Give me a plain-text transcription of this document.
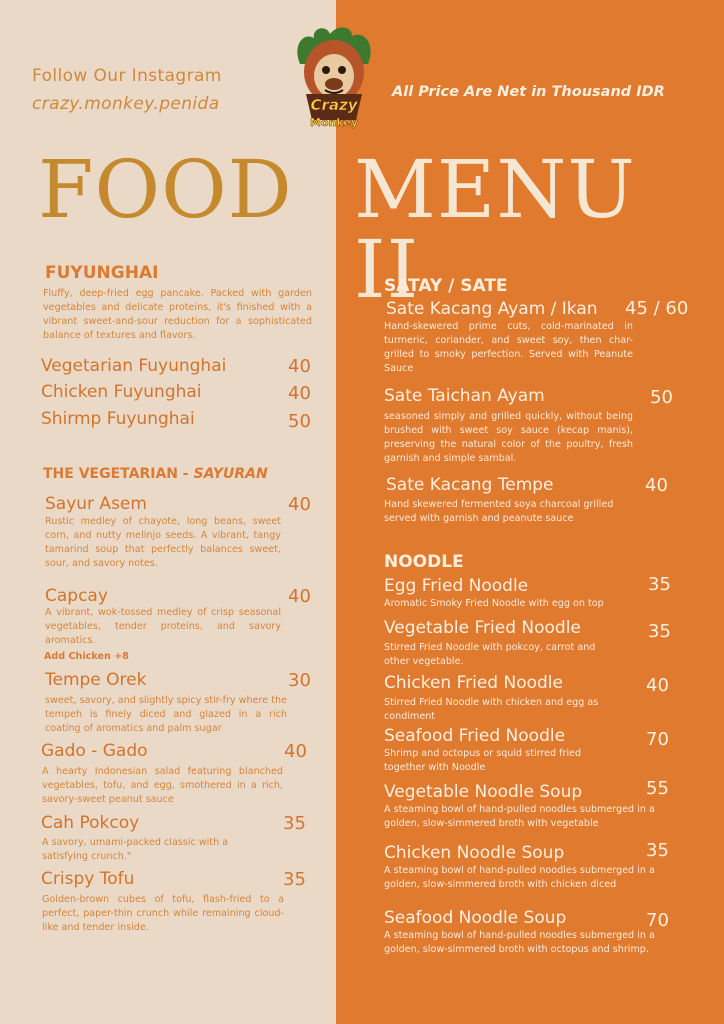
Follow Our Instagram
crazy.monkey.penida
All Price Are Net in Thousand IDR
Crazy
Monkey
FOOD MENU II
FUYUNGHAI
Fluffy, deep-fried egg pancake. Packed with garden vegetables and delicate proteins, it's finished with a vibrant sweet-and-sour reduction for a sophisticated balance of textures and flavors.
Vegetarian Fuyunghai	40
Chicken Fuyunghai	40
Shirmp Fuyunghai	50
THE VEGETARIAN - SAYURAN
Sayur Asem	40
Rustic medley of chayote, long beans, sweet corn, and nutty melinjo seeds. A vibrant, tangy tamarind soup that perfectly balances sweet, sour, and savory notes.
Capcay	40
A vibrant, wok-tossed medley of crisp seasonal vegetables, tender proteins, and savory aromatics.
Add Chicken +8
Tempe Orek	30
sweet, savory, and slightly spicy stir-fry where the tempeh is finely diced and glazed in a rich coating of aromatics and palm sugar
Gado - Gado	40
A hearty Indonesian salad featuring blanched vegetables, tofu, and egg, smothered in a rich, savory-sweet peanut sauce
Cah Pokcoy	35
A savory, umami-packed classic with a satisfying crunch."
Crispy Tofu	35
Golden-brown cubes of tofu, flash-fried to a perfect, paper-thin crunch while remaining cloud-like and tender inside.
SATAY / SATE
Sate Kacang Ayam / Ikan 45 / 60
Hand-skewered prime cuts, cold-marinated in turmeric, coriander, and sweet soy, then char-grilled to smoky perfection. Served with Peanute Sauce
Sate Taichan Ayam	50
seasoned simply and grilled quickly, without being brushed with sweet soy sauce (kecap manis), preserving the natural color of the poultry, fresh garnish and simple sambal.
Sate Kacang Tempe	40
Hand skewered fermented soya charcoal grilled served with garnish and peanute sauce
NOODLE
Egg Fried Noodle	35
Aromatic Smoky Fried Noodle with egg on top
Vegetable Fried Noodle	35
Stirred Fried Noodle with pokcoy, carrot and other vegetable.
Chicken Fried Noodle	40
Stirred Fried Noodle with chicken and egg as condiment
Seafood Fried Noodle	70
Shrimp and octopus or squid stirred fried together with Noodle
Vegetable Noodle Soup	55
A steaming bowl of hand-pulled noodles submerged in a golden, slow-simmered broth with vegetable
Chicken Noodle Soup	35
A steaming bowl of hand-pulled noodles submerged in a golden, slow-simmered broth with chicken diced
Seafood Noodle Soup	70
A steaming bowl of hand-pulled noodles submerged in a golden, slow-simmered broth with octopus and shrimp.
